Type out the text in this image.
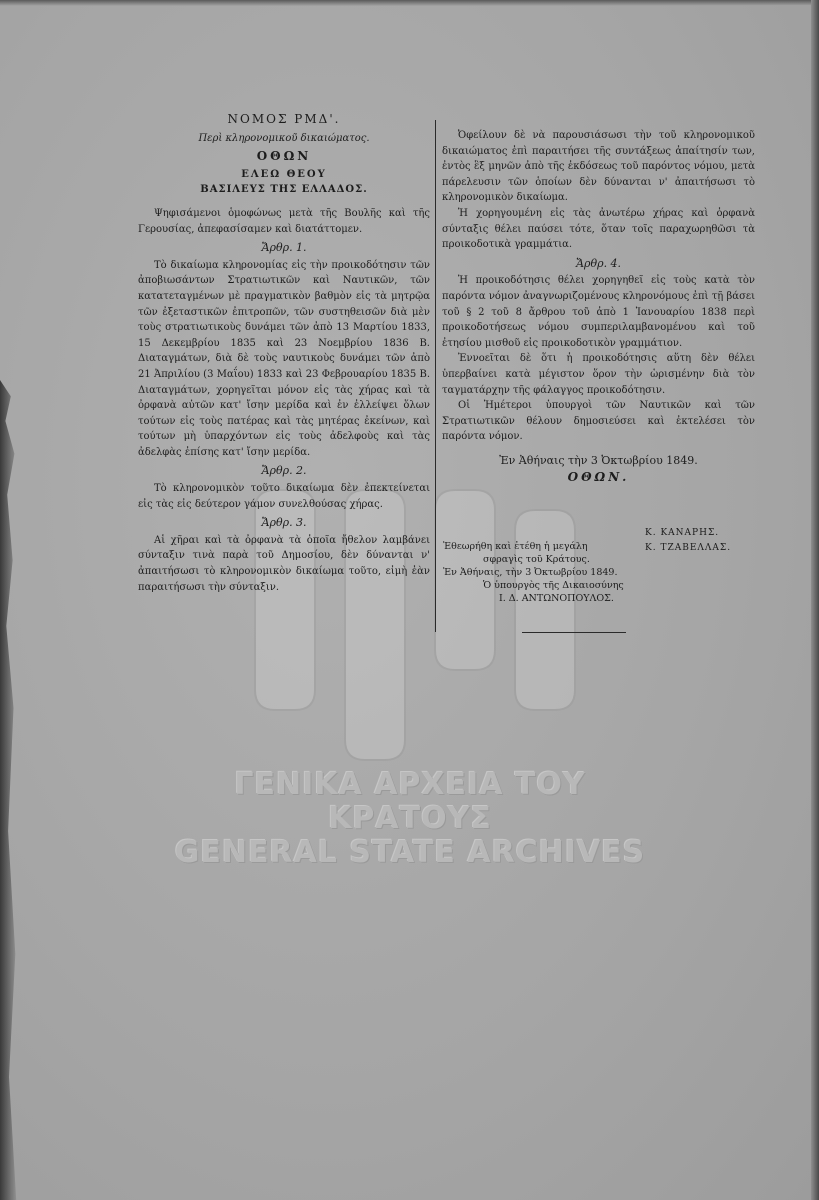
ΝΟΜΟΣ ΡΜΔ'.
Περὶ κληρονομικοῦ δικαιώματος.
ΟΘΩΝ
ΕΛΕΩ ΘΕΟΥ
ΒΑΣΙΛΕΥΣ ΤΗΣ ΕΛΛΑΔΟΣ.

Ψηφισάμενοι ὁμοφώνως μετὰ τῆς Βουλῆς καὶ τῆς Γερουσίας, ἀπεφασίσαμεν καὶ διατάττομεν.

Ἄρθρ. 1.

Τὸ δικαίωμα κληρονομίας εἰς τὴν προικοδότησιν τῶν ἀποβιωσάντων Στρατιωτικῶν καὶ Ναυτικῶν, τῶν κατατεταγμένων μὲ πραγματικὸν βαθμὸν εἰς τὰ μητρῷα τῶν ἐξεταστικῶν ἐπιτροπῶν, τῶν συστηθεισῶν διὰ μὲν τοὺς στρατιωτικοὺς δυνάμει τῶν ἀπὸ 13 Μαρτίου 1833, 15 Δεκεμβρίου 1835 καὶ 23 Νοεμβρίου 1836 Β. Διαταγμάτων, διὰ δὲ τοὺς ναυτικοὺς δυνάμει τῶν ἀπὸ 21 Ἀπριλίου (3 Μαΐου) 1833 καὶ 23 Φεβρουαρίου 1835 Β. Διαταγμάτων, χορηγεῖται μόνον εἰς τὰς χήρας καὶ τὰ ὀρφανὰ αὐτῶν κατ' ἴσην μερίδα καὶ ἐν ἐλλείψει ὅλων τούτων εἰς τοὺς πατέρας καὶ τὰς μητέρας ἐκείνων, καὶ τούτων μὴ ὑπαρχόντων εἰς τοὺς ἀδελφοὺς καὶ τὰς ἀδελφὰς ἐπίσης κατ' ἴσην μερίδα.

Ἄρθρ. 2.

Τὸ κληρονομικὸν τοῦτο δικαίωμα δὲν ἐπεκτείνεται εἰς τὰς εἰς δεύτερον γάμον συνελθούσας χήρας.

Ἄρθρ. 3.

Αἱ χῆραι καὶ τὰ ὀρφανὰ τὰ ὁποῖα ἤθελον λαμβάνει σύνταξιν τινὰ παρὰ τοῦ Δημοσίου, δὲν δύνανται ν' ἀπαιτήσωσι τὸ κληρονομικὸν δικαίωμα τοῦτο, εἰμὴ ἐὰν παραιτήσωσι τὴν σύνταξιν.

Ὀφείλουν δὲ νὰ παρουσιάσωσι τὴν τοῦ κληρονομικοῦ δικαιώματος ἐπὶ παραιτήσει τῆς συντάξεως ἀπαίτησίν των, ἐντὸς ἓξ μηνῶν ἀπὸ τῆς ἐκδόσεως τοῦ παρόντος νόμου, μετὰ πάρελευσιν τῶν ὁποίων δὲν δύνανται ν' ἀπαιτήσωσι τὸ κληρονομικὸν δικαίωμα.

Ἡ χορηγουμένη εἰς τὰς ἀνωτέρω χήρας καὶ ὀρφανὰ σύνταξις θέλει παύσει τότε, ὅταν τοῖς παραχωρηθῶσι τὰ προικοδοτικὰ γραμμάτια.

Ἄρθρ. 4.

Ἡ προικοδότησις θέλει χορηγηθεῖ εἰς τοὺς κατὰ τὸν παρόντα νόμον ἀναγνωριζομένους κληρονόμους ἐπὶ τῇ βάσει τοῦ § 2 τοῦ 8 ἄρθρου τοῦ ἀπὸ 1 Ἰανουαρίου 1838 περὶ προικοδοτήσεως νόμου συμπεριλαμβανομένου καὶ τοῦ ἐτησίου μισθοῦ εἰς προικοδοτικὸν γραμμάτιον.

Ἐννοεῖται δὲ ὅτι ἡ προικοδότησις αὕτη δὲν θέλει ὑπερβαίνει κατὰ μέγιστον ὅρον τὴν ὡρισμένην διὰ τὸν ταγματάρχην τῆς φάλαγγος προικοδότησιν.

Οἱ Ἡμέτεροι ὑπουργοὶ τῶν Ναυτικῶν καὶ τῶν Στρατιωτικῶν θέλουν δημοσιεύσει καὶ ἐκτελέσει τὸν παρόντα νόμον.

Ἐν Ἀθήναις τὴν 3 Ὀκτωβρίου 1849.
ΟΘΩΝ.
Κ. ΚΑΝΑΡΗΣ.
Κ. ΤΖΑΒΕΛΛΑΣ.
Ἐθεωρήθη καὶ ἐτέθη ἡ μεγάλη
σφραγὶς τοῦ Κράτους.
Ἐν Ἀθήναις, τὴν 3 Ὀκτωβρίου 1849.
Ὁ ὑπουργὸς τῆς Δικαιοσύνης
Ι. Δ. ΑΝΤΩΝΟΠΟΥΛΟΣ.
ΓΕΝΙΚΑ ΑΡΧΕΙΑ ΤΟΥ ΚΡΑΤΟΥΣ
GENERAL STATE ARCHIVES
